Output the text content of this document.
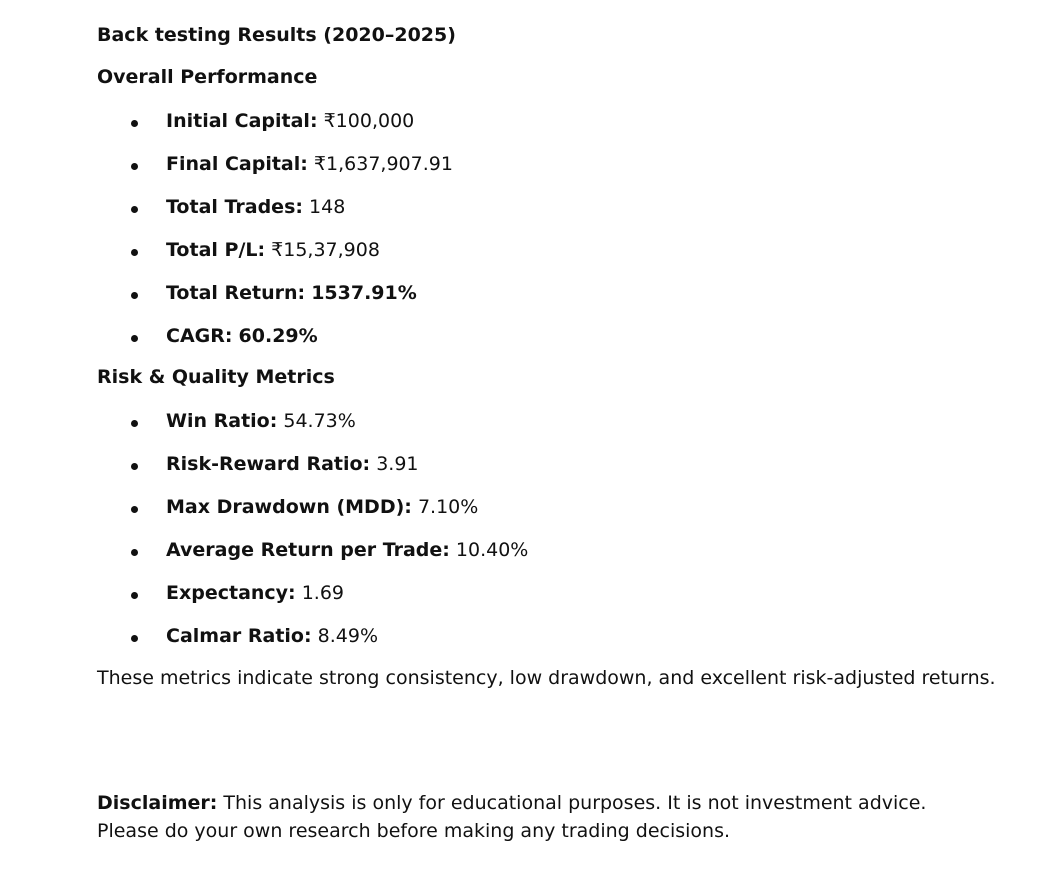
Back testing Results (2020–2025)
Overall Performance
Initial Capital: ₹100,000
Final Capital: ₹1,637,907.91
Total Trades: 148
Total P/L: ₹15,37,908
Total Return: 1537.91%
CAGR: 60.29%
Risk & Quality Metrics
Win Ratio: 54.73%
Risk-Reward Ratio: 3.91
Max Drawdown (MDD): 7.10%
Average Return per Trade: 10.40%
Expectancy: 1.69
Calmar Ratio: 8.49%
These metrics indicate strong consistency, low drawdown, and excellent risk-adjusted returns.
Disclaimer: This analysis is only for educational purposes. It is not investment advice. Please do your own research before making any trading decisions.
